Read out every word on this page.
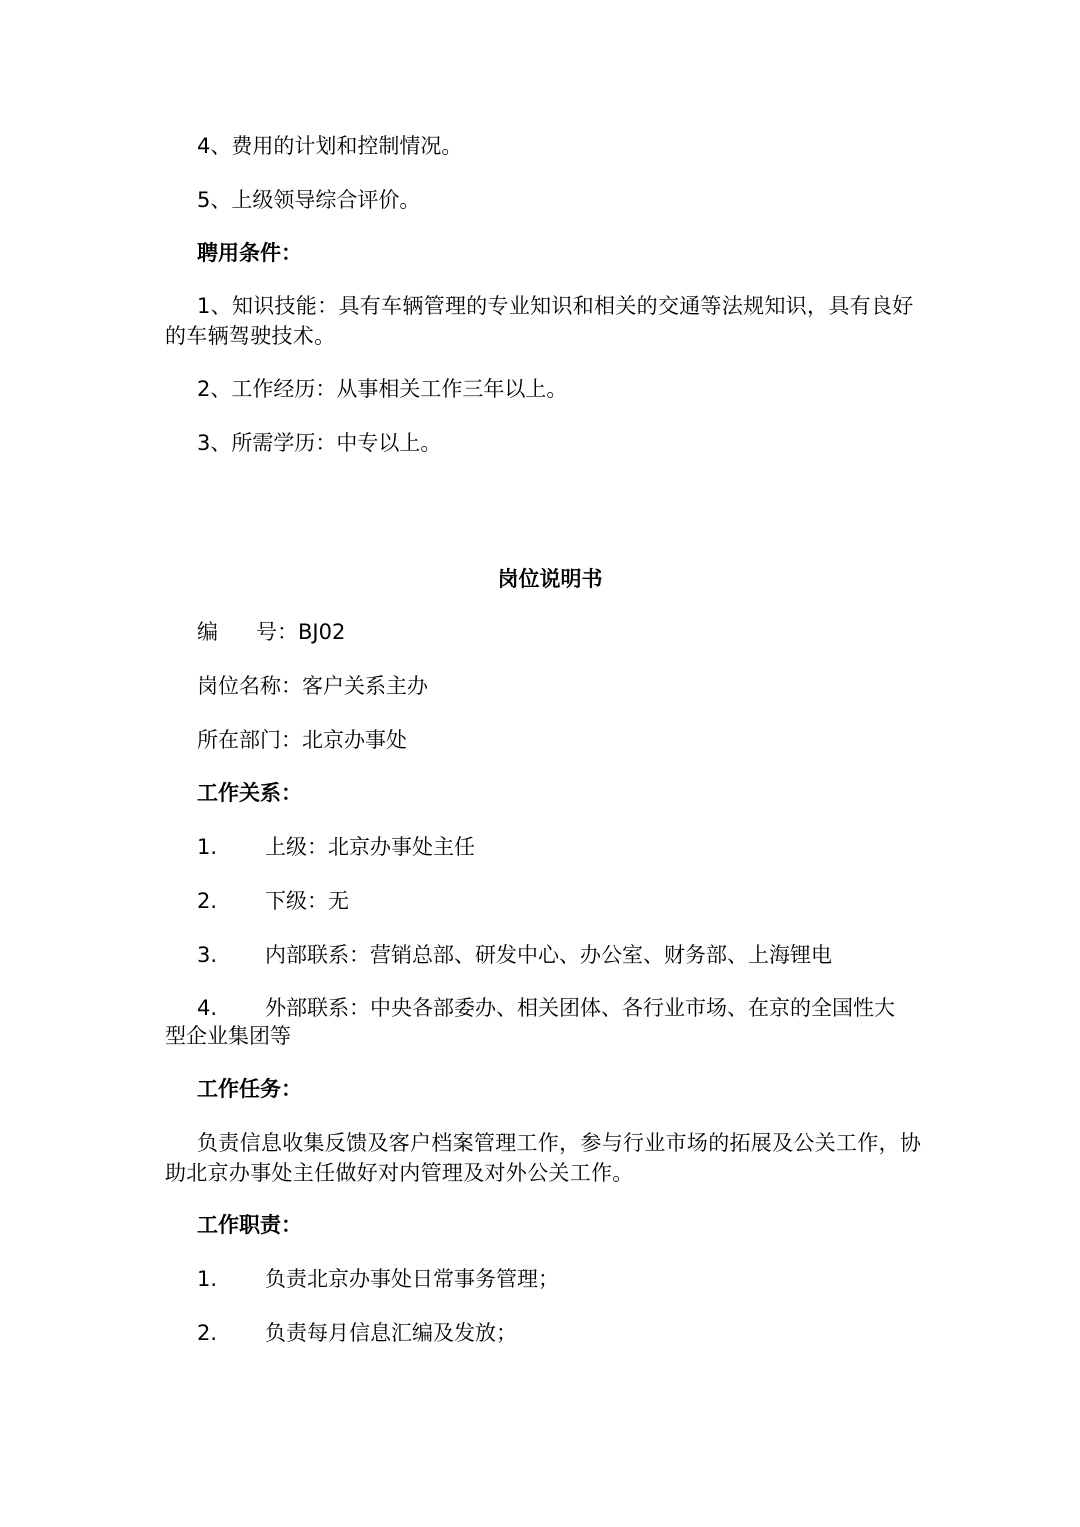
4、费用的计划和控制情况。
5、上级领导综合评价。
聘用条件：
1、知识技能：具有车辆管理的专业知识和相关的交通等法规知识，具有良好的车辆驾驶技术。
2、工作经历：从事相关工作三年以上。
3、所需学历：中专以上。
岗位说明书
编 号：BJ02
岗位名称：客户关系主办
所在部门：北京办事处
工作关系：
1. 上级：北京办事处主任
2. 下级：无
3. 内部联系：营销总部、研发中心、办公室、财务部、上海锂电
4. 外部联系：中央各部委办、相关团体、各行业市场、在京的全国性大
型企业集团等
工作任务：
负责信息收集反馈及客户档案管理工作，参与行业市场的拓展及公关工作，协助北京办事处主任做好对内管理及对外公关工作。
工作职责：
1. 负责北京办事处日常事务管理；
2. 负责每月信息汇编及发放；
